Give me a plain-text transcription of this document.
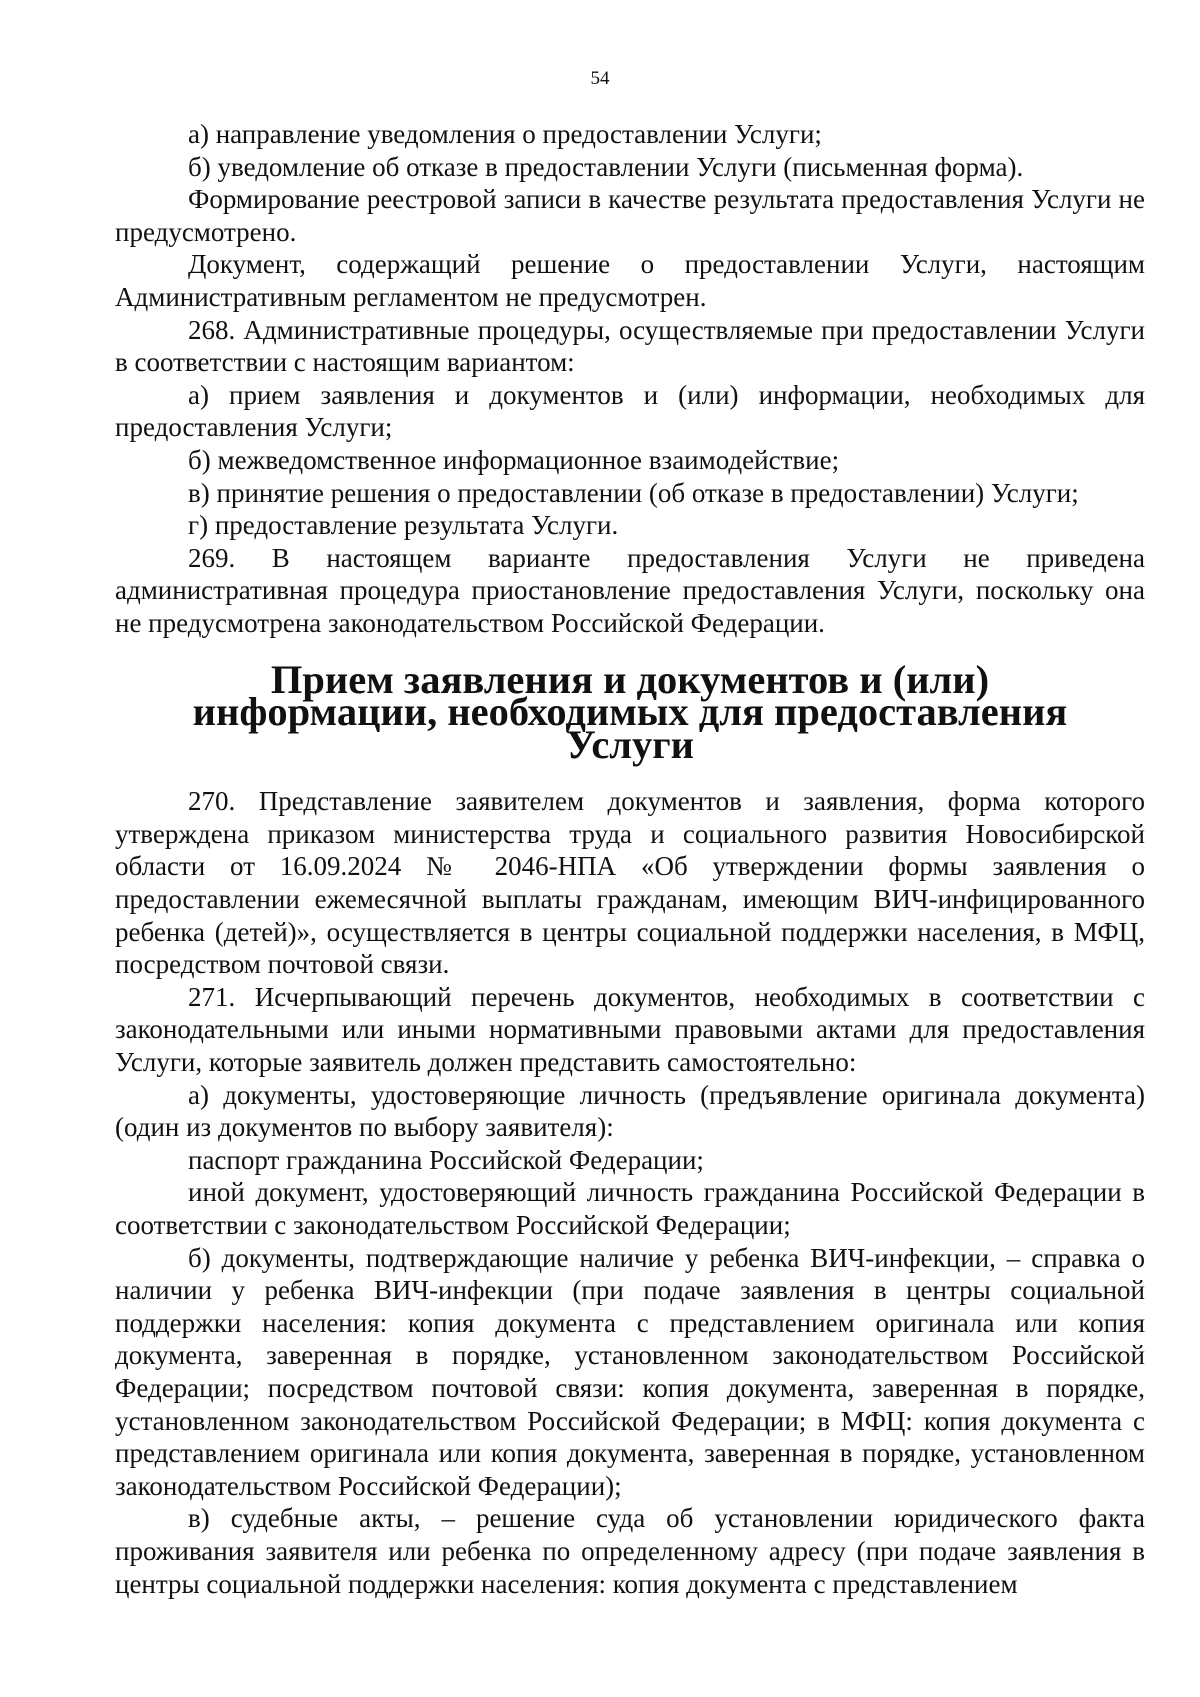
54

а) направление уведомления о предоставлении Услуги;

б) уведомление об отказе в предоставлении Услуги (письменная форма).

Формирование реестровой записи в качестве результата предоставления Услуги не предусмотрено.

Документ, содержащий решение о предоставлении Услуги, настоящим Административным регламентом не предусмотрен.

268. Административные процедуры, осуществляемые при предоставлении Услуги в соответствии с настоящим вариантом:

а) прием заявления и документов и (или) информации, необходимых для предоставления Услуги;

б) межведомственное информационное взаимодействие;

в) принятие решения о предоставлении (об отказе в предоставлении) Услуги;

г) предоставление результата Услуги.

269. В настоящем варианте предоставления Услуги не приведена административная процедура приостановление предоставления Услуги, поскольку она не предусмотрена законодательством Российской Федерации.

Прием заявления и документов и (или) информации, необходимых для предоставления Услуги

270. Представление заявителем документов и заявления, форма которого утверждена приказом министерства труда и социального развития Новосибирской области от 16.09.2024 № 2046-НПА «Об утверждении формы заявления о предоставлении ежемесячной выплаты гражданам, имеющим ВИЧ-инфицированного ребенка (детей)», осуществляется в центры социальной поддержки населения, в МФЦ, посредством почтовой связи.

271. Исчерпывающий перечень документов, необходимых в соответствии с законодательными или иными нормативными правовыми актами для предоставления Услуги, которые заявитель должен представить самостоятельно:

а) документы, удостоверяющие личность (предъявление оригинала документа) (один из документов по выбору заявителя):

паспорт гражданина Российской Федерации;

иной документ, удостоверяющий личность гражданина Российской Федерации в соответствии с законодательством Российской Федерации;

б) документы, подтверждающие наличие у ребенка ВИЧ-инфекции, – справка о наличии у ребенка ВИЧ-инфекции (при подаче заявления в центры социальной поддержки населения: копия документа с представлением оригинала или копия документа, заверенная в порядке, установленном законодательством Российской Федерации; посредством почтовой связи: копия документа, заверенная в порядке, установленном законодательством Российской Федерации; в МФЦ: копия документа с представлением оригинала или копия документа, заверенная в порядке, установленном законодательством Российской Федерации);

в) судебные акты, – решение суда об установлении юридического факта проживания заявителя или ребенка по определенному адресу (при подаче заявления в центры социальной поддержки населения: копия документа с представлением
